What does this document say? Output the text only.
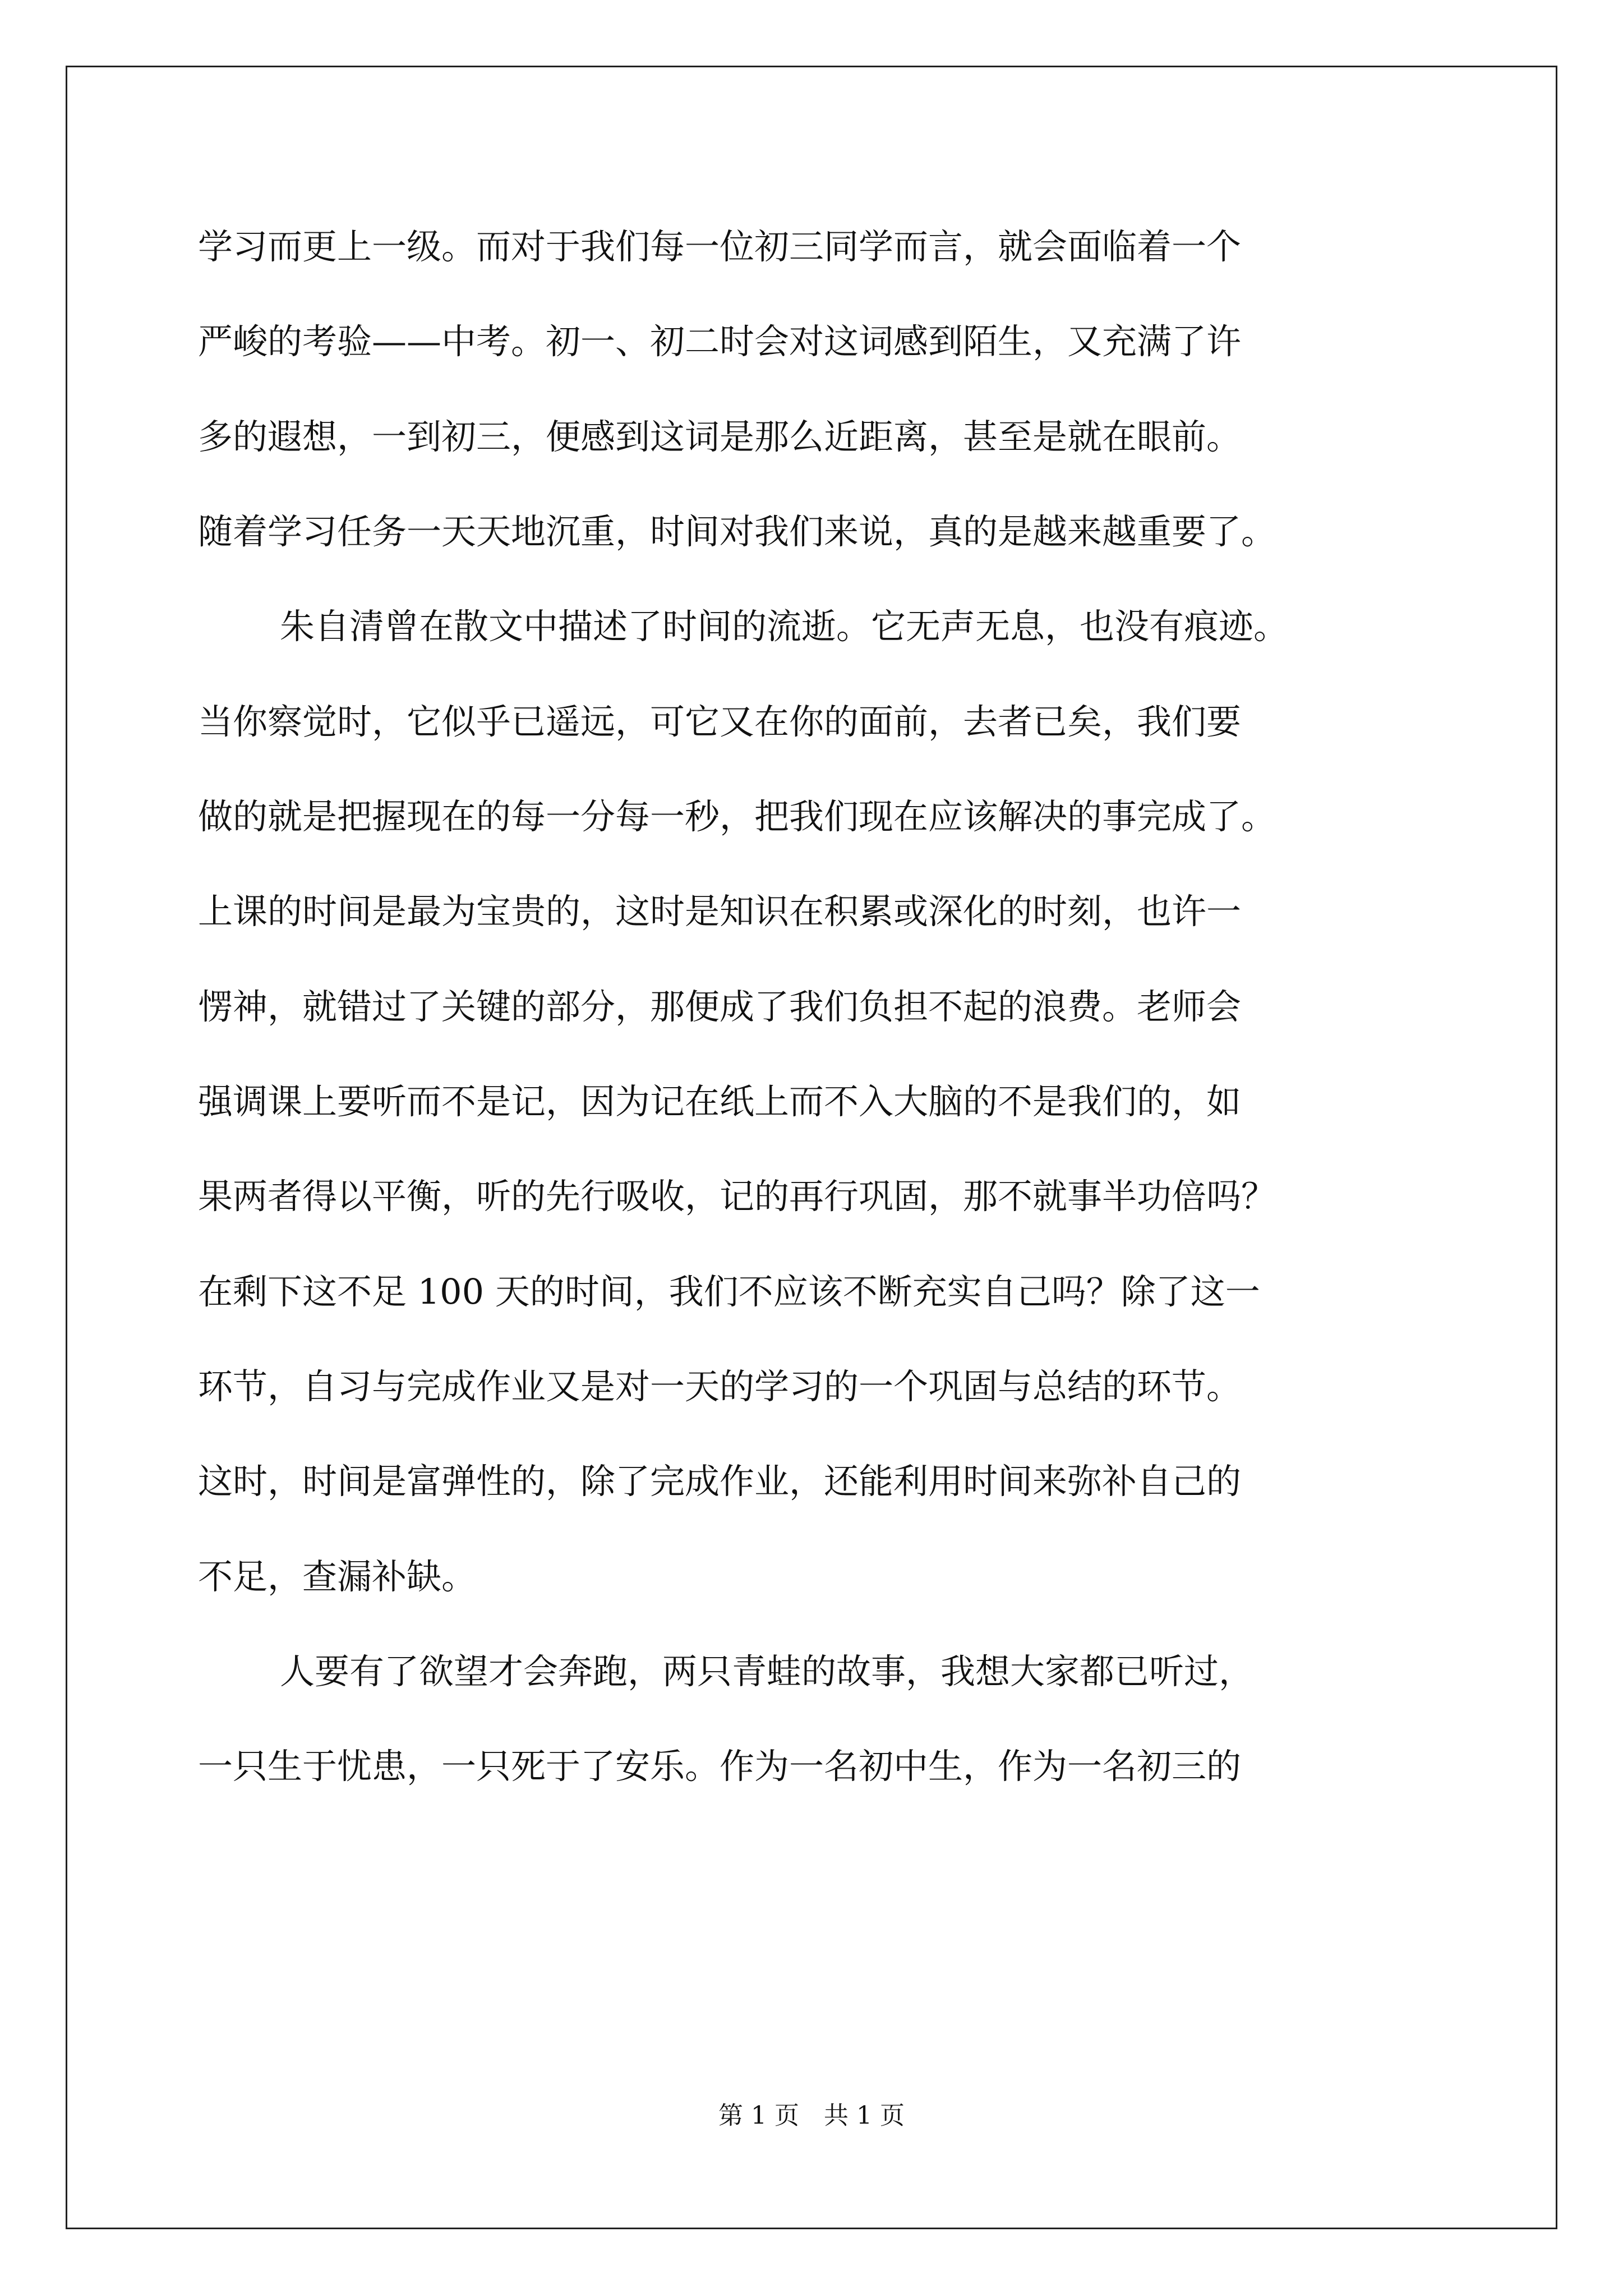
学习而更上一级。而对于我们每一位初三同学而言，就会面临着一个
严峻的考验——中考。初一、初二时会对这词感到陌生，又充满了许
多的遐想，一到初三，便感到这词是那么近距离，甚至是就在眼前。
随着学习任务一天天地沉重，时间对我们来说，真的是越来越重要了。
朱自清曾在散文中描述了时间的流逝。它无声无息，也没有痕迹。
当你察觉时，它似乎已遥远，可它又在你的面前，去者已矣，我们要
做的就是把握现在的每一分每一秒，把我们现在应该解决的事完成了。
上课的时间是最为宝贵的，这时是知识在积累或深化的时刻，也许一
愣神，就错过了关键的部分，那便成了我们负担不起的浪费。老师会
强调课上要听而不是记，因为记在纸上而不入大脑的不是我们的，如
果两者得以平衡，听的先行吸收，记的再行巩固，那不就事半功倍吗？
在剩下这不足 100 天的时间，我们不应该不断充实自己吗？除了这一
环节，自习与完成作业又是对一天的学习的一个巩固与总结的环节。
这时，时间是富弹性的，除了完成作业，还能利用时间来弥补自己的
不足，查漏补缺。
人要有了欲望才会奔跑，两只青蛙的故事，我想大家都已听过，
一只生于忧患，一只死于了安乐。作为一名初中生，作为一名初三的
第 1 页　共 1 页
